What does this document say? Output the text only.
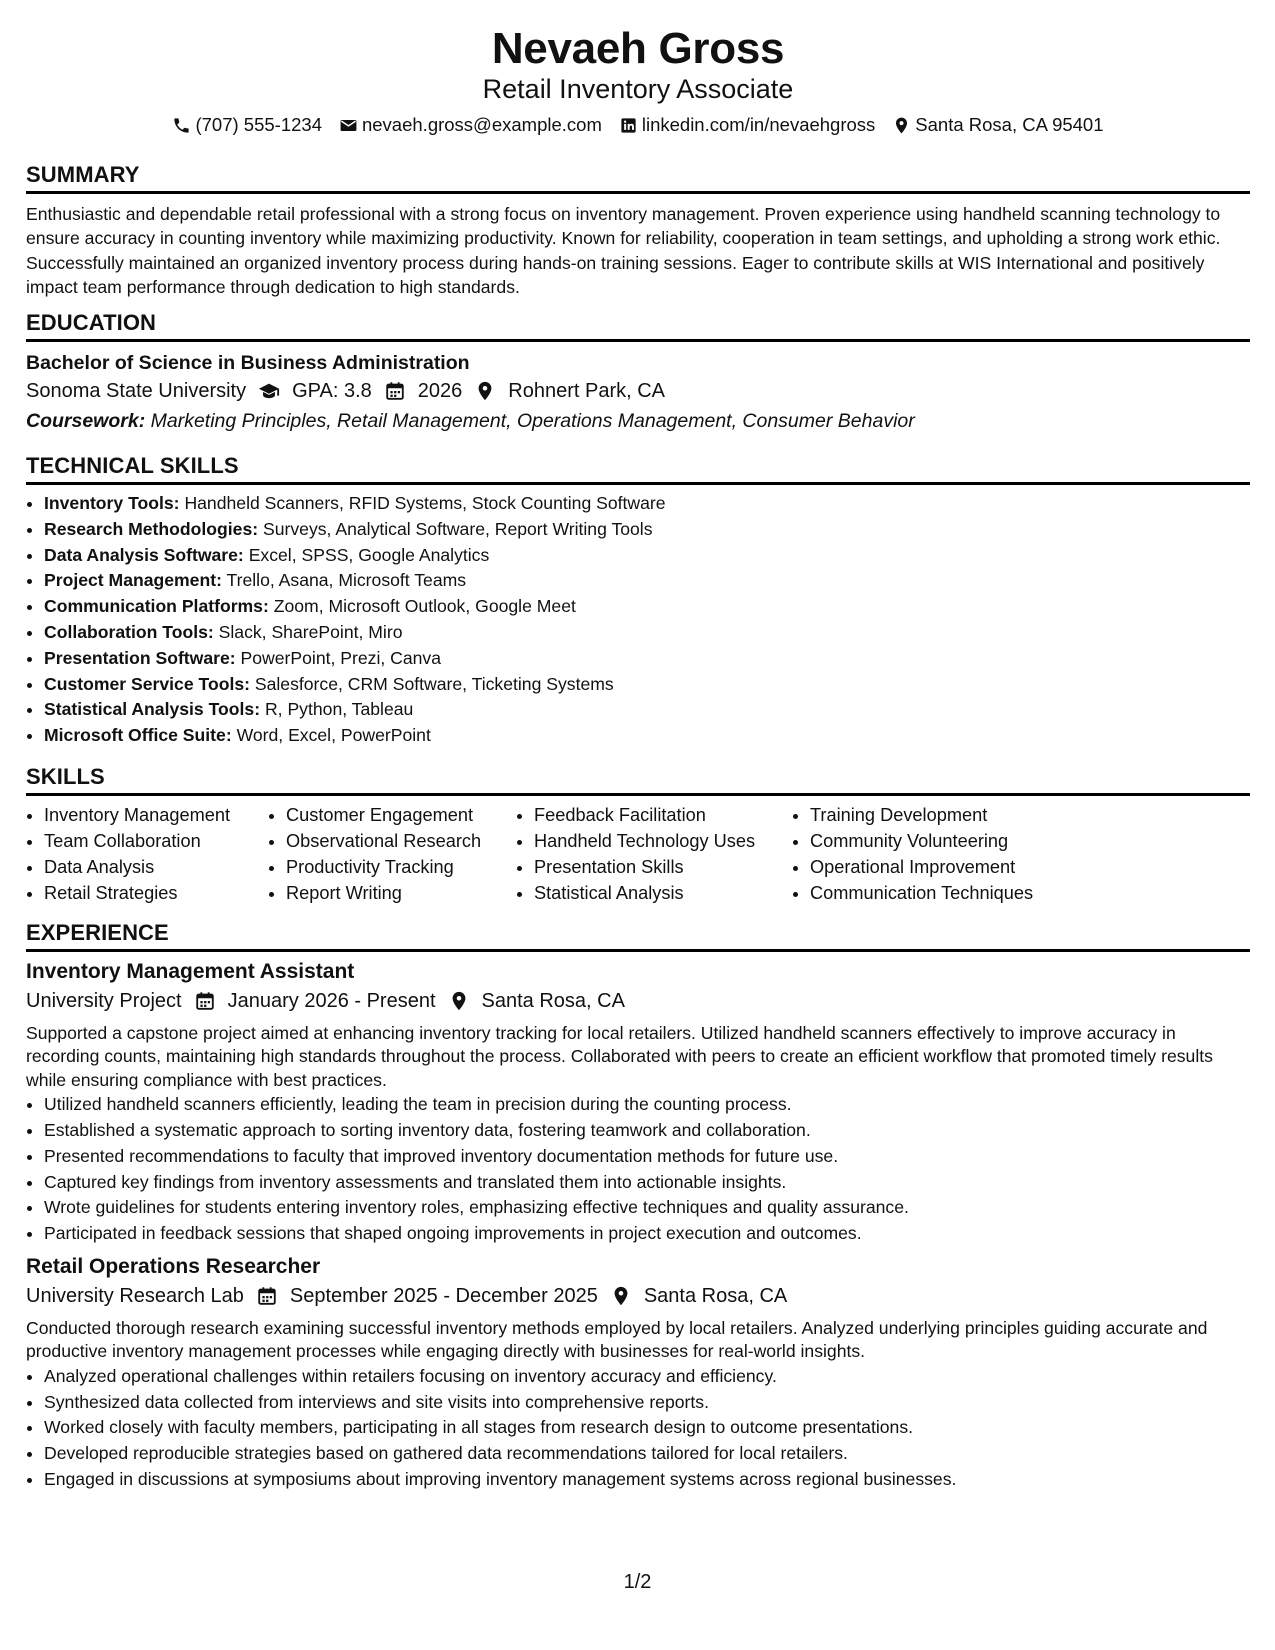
Nevaeh Gross
Retail Inventory Associate
(707) 555-1234 nevaeh.gross@example.com linkedin.com/in/nevaehgross Santa Rosa, CA 95401
SUMMARY
Enthusiastic and dependable retail professional with a strong focus on inventory management. Proven experience using handheld scanning technology to ensure accuracy in counting inventory while maximizing productivity. Known for reliability, cooperation in team settings, and upholding a strong work ethic. Successfully maintained an organized inventory process during hands-on training sessions. Eager to contribute skills at WIS International and positively impact team performance through dedication to high standards.
EDUCATION
Bachelor of Science in Business Administration
Sonoma State University GPA: 3.8 2026 Rohnert Park, CA
Coursework: Marketing Principles, Retail Management, Operations Management, Consumer Behavior
TECHNICAL SKILLS
• Inventory Tools: Handheld Scanners, RFID Systems, Stock Counting Software
• Research Methodologies: Surveys, Analytical Software, Report Writing Tools
• Data Analysis Software: Excel, SPSS, Google Analytics
• Project Management: Trello, Asana, Microsoft Teams
• Communication Platforms: Zoom, Microsoft Outlook, Google Meet
• Collaboration Tools: Slack, SharePoint, Miro
• Presentation Software: PowerPoint, Prezi, Canva
• Customer Service Tools: Salesforce, CRM Software, Ticketing Systems
• Statistical Analysis Tools: R, Python, Tableau
• Microsoft Office Suite: Word, Excel, PowerPoint
SKILLS
• Inventory Management
• Team Collaboration
• Data Analysis
• Retail Strategies
• Customer Engagement
• Observational Research
• Productivity Tracking
• Report Writing
• Feedback Facilitation
• Handheld Technology Uses
• Presentation Skills
• Statistical Analysis
• Training Development
• Community Volunteering
• Operational Improvement
• Communication Techniques
EXPERIENCE
Inventory Management Assistant
University Project January 2026 - Present Santa Rosa, CA
Supported a capstone project aimed at enhancing inventory tracking for local retailers. Utilized handheld scanners effectively to improve accuracy in recording counts, maintaining high standards throughout the process. Collaborated with peers to create an efficient workflow that promoted timely results while ensuring compliance with best practices.
• Utilized handheld scanners efficiently, leading the team in precision during the counting process.
• Established a systematic approach to sorting inventory data, fostering teamwork and collaboration.
• Presented recommendations to faculty that improved inventory documentation methods for future use.
• Captured key findings from inventory assessments and translated them into actionable insights.
• Wrote guidelines for students entering inventory roles, emphasizing effective techniques and quality assurance.
• Participated in feedback sessions that shaped ongoing improvements in project execution and outcomes.
Retail Operations Researcher
University Research Lab September 2025 - December 2025 Santa Rosa, CA
Conducted thorough research examining successful inventory methods employed by local retailers. Analyzed underlying principles guiding accurate and productive inventory management processes while engaging directly with businesses for real-world insights.
• Analyzed operational challenges within retailers focusing on inventory accuracy and efficiency.
• Synthesized data collected from interviews and site visits into comprehensive reports.
• Worked closely with faculty members, participating in all stages from research design to outcome presentations.
• Developed reproducible strategies based on gathered data recommendations tailored for local retailers.
• Engaged in discussions at symposiums about improving inventory management systems across regional businesses.
1/2
